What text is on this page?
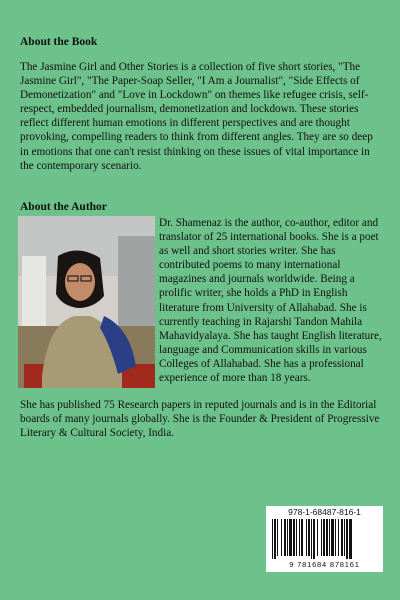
About the Book

The Jasmine Girl and Other Stories is a collection of five short stories, "The Jasmine Girl", "The Paper-Soap Seller, "I Am a Journalist", "Side Effects of Demonetization" and "Love in Lockdown" on themes like refugee crisis, self-respect, embedded journalism, demonetization and lockdown. These stories reflect different human emotions in different perspectives and are thought provoking, compelling readers to think from different angles. They are so deep in emotions that one can't resist thinking on these issues of vital importance in the contemporary scenario.

About the Author

Dr. Shamenaz is the author, co-author, editor and translator of 25 international books. She is a poet as well and short stories writer. She has contributed poems to many international magazines and journals worldwide. Being a prolific writer, she holds a PhD in English literature from University of Allahabad. She is currently teaching in Rajarshi Tandon Mahila Mahavidyalaya. She has taught English literature, language and Communication skills in various Colleges of Allahabad. She has a professional experience of more than 18 years.

She has published 75 Research papers in reputed journals and is in the Editorial boards of many journals globally. She is the Founder & President of Progressive Literary & Cultural Society, India.

978-1-68487-816-1
9 781684 878161
